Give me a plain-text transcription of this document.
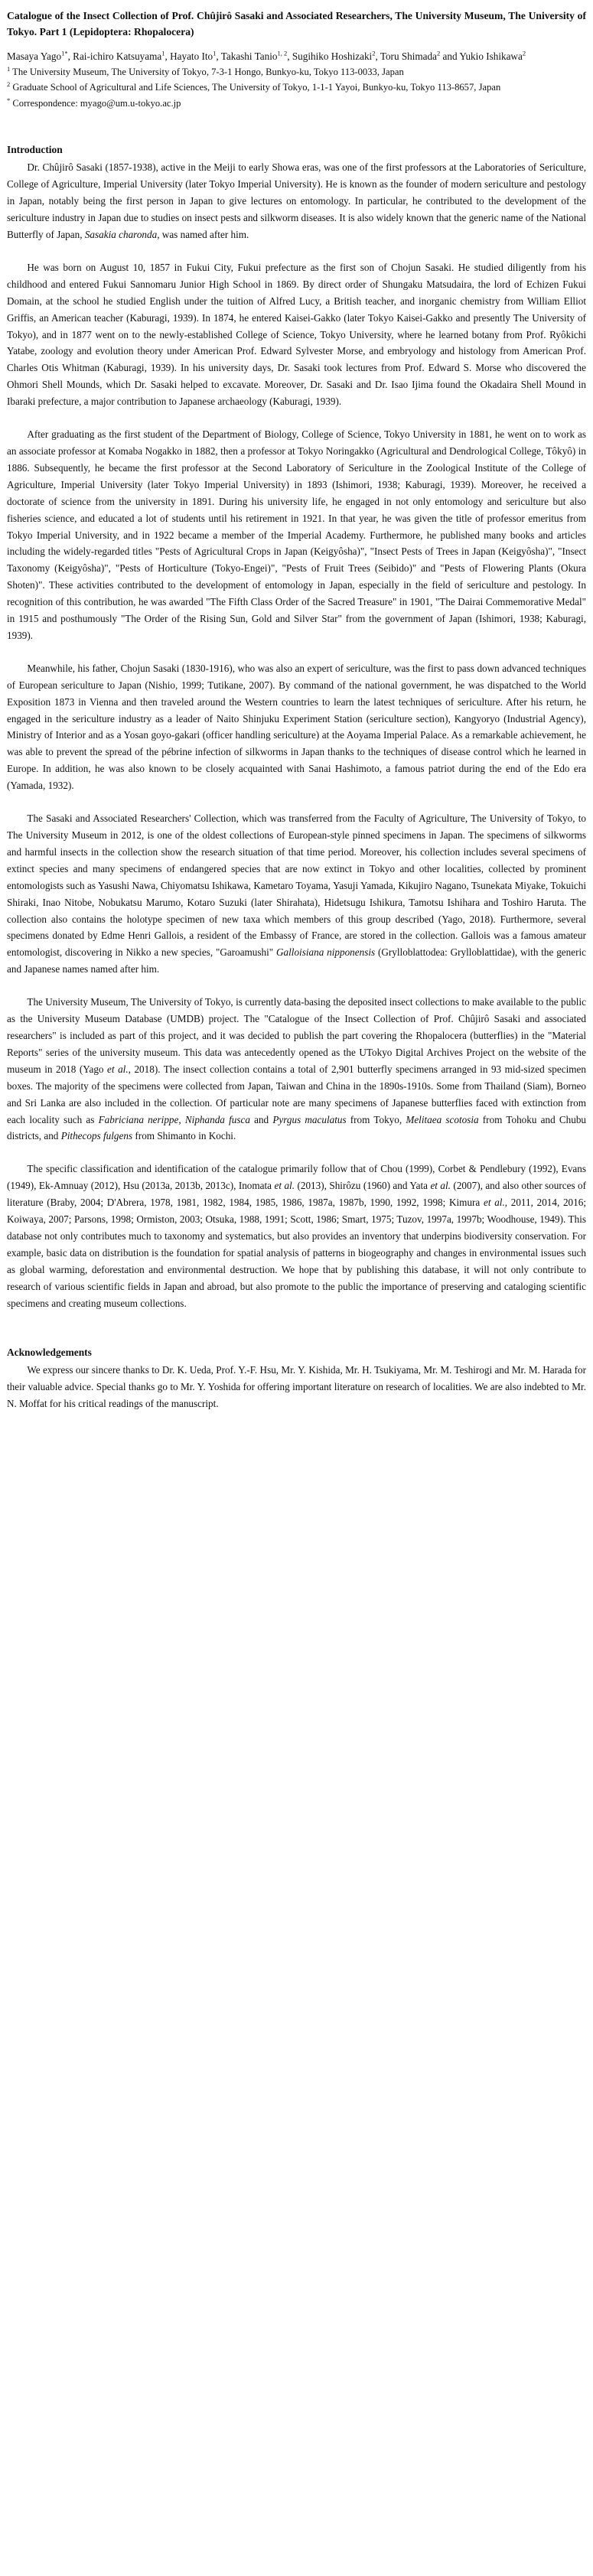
Catalogue of the Insect Collection of Prof. Chûjirô Sasaki and Associated Researchers, The University Museum, The University of Tokyo. Part 1 (Lepidoptera: Rhopalocera)
Masaya Yago$^{1*}$, Rai-ichiro Katsuyama$^1$, Hayato Ito$^1$, Takashi Tanio$^{1, 2}$, Sugihiko Hoshizaki$^2$, Toru Shimada$^2$ and Yukio Ishikawa$^2$
$^1$ The University Museum, The University of Tokyo, 7-3-1 Hongo, Bunkyo-ku, Tokyo 113-0033, Japan
$^2$ Graduate School of Agricultural and Life Sciences, The University of Tokyo, 1-1-1 Yayoi, Bunkyo-ku, Tokyo 113-8657, Japan
* Correspondence: myago@um.u-tokyo.ac.jp
Introduction

Dr. Chûjirô Sasaki (1857-1938), active in the Meiji to early Showa eras, was one of the first professors at the Laboratories of Sericulture, College of Agriculture, Imperial University (later Tokyo Imperial University). He is known as the founder of modern sericulture and pestology in Japan, notably being the first person in Japan to give lectures on entomology. In particular, he contributed to the development of the sericulture industry in Japan due to studies on insect pests and silkworm diseases. It is also widely known that the generic name of the National Butterfly of Japan, Sasakia charonda, was named after him.

He was born on August 10, 1857 in Fukui City, Fukui prefecture as the first son of Chojun Sasaki. He studied diligently from his childhood and entered Fukui Sannomaru Junior High School in 1869. By direct order of Shungaku Matsudaira, the lord of Echizen Fukui Domain, at the school he studied English under the tuition of Alfred Lucy, a British teacher, and inorganic chemistry from William Elliot Griffis, an American teacher (Kaburagi, 1939). In 1874, he entered Kaisei-Gakko (later Tokyo Kaisei-Gakko and presently The University of Tokyo), and in 1877 went on to the newly-established College of Science, Tokyo University, where he learned botany from Prof. Ryôkichi Yatabe, zoology and evolution theory under American Prof. Edward Sylvester Morse, and embryology and histology from American Prof. Charles Otis Whitman (Kaburagi, 1939). In his university days, Dr. Sasaki took lectures from Prof. Edward S. Morse who discovered the Ohmori Shell Mounds, which Dr. Sasaki helped to excavate. Moreover, Dr. Sasaki and Dr. Isao Ijima found the Okadaira Shell Mound in Ibaraki prefecture, a major contribution to Japanese archaeology (Kaburagi, 1939).

After graduating as the first student of the Department of Biology, College of Science, Tokyo University in 1881, he went on to work as an associate professor at Komaba Nogakko in 1882, then a professor at Tokyo Noringakko (Agricultural and Dendrological College, Tôkyô) in 1886. Subsequently, he became the first professor at the Second Laboratory of Sericulture in the Zoological Institute of the College of Agriculture, Imperial University (later Tokyo Imperial University) in 1893 (Ishimori, 1938; Kaburagi, 1939). Moreover, he received a doctorate of science from the university in 1891. During his university life, he engaged in not only entomology and sericulture but also fisheries science, and educated a lot of students until his retirement in 1921. In that year, he was given the title of professor emeritus from Tokyo Imperial University, and in 1922 became a member of the Imperial Academy. Furthermore, he published many books and articles including the widely-regarded titles "Pests of Agricultural Crops in Japan (Keigyôsha)", "Insect Pests of Trees in Japan (Keigyôsha)", "Insect Taxonomy (Keigyôsha)", "Pests of Horticulture (Tokyo-Engei)", "Pests of Fruit Trees (Seibido)" and "Pests of Flowering Plants (Okura Shoten)". These activities contributed to the development of entomology in Japan, especially in the field of sericulture and pestology. In recognition of this contribution, he was awarded "The Fifth Class Order of the Sacred Treasure" in 1901, "The Dairai Commemorative Medal" in 1915 and posthumously "The Order of the Rising Sun, Gold and Silver Star" from the government of Japan (Ishimori, 1938; Kaburagi, 1939).

Meanwhile, his father, Chojun Sasaki (1830-1916), who was also an expert of sericulture, was the first to pass down advanced techniques of European sericulture to Japan (Nishio, 1999; Tutikane, 2007). By command of the national government, he was dispatched to the World Exposition 1873 in Vienna and then traveled around the Western countries to learn the latest techniques of sericulture. After his return, he engaged in the sericulture industry as a leader of Naito Shinjuku Experiment Station (sericulture section), Kangyoryo (Industrial Agency), Ministry of Interior and as a Yosan goyo-gakari (officer handling sericulture) at the Aoyama Imperial Palace. As a remarkable achievement, he was able to prevent the spread of the pébrine infection of silkworms in Japan thanks to the techniques of disease control which he learned in Europe. In addition, he was also known to be closely acquainted with Sanai Hashimoto, a famous patriot during the end of the Edo era (Yamada, 1932).

The Sasaki and Associated Researchers' Collection, which was transferred from the Faculty of Agriculture, The University of Tokyo, to The University Museum in 2012, is one of the oldest collections of European-style pinned specimens in Japan. The specimens of silkworms and harmful insects in the collection show the research situation of that time period. Moreover, his collection includes several specimens of extinct species and many specimens of endangered species that are now extinct in Tokyo and other localities, collected by prominent entomologists such as Yasushi Nawa, Chiyomatsu Ishikawa, Kametaro Toyama, Yasuji Yamada, Kikujiro Nagano, Tsunekata Miyake, Tokuichi Shiraki, Inao Nitobe, Nobukatsu Marumo, Kotaro Suzuki (later Shirahata), Hidetsugu Ishikura, Tamotsu Ishihara and Toshiro Haruta. The collection also contains the holotype specimen of new taxa which members of this group described (Yago, 2018). Furthermore, several specimens donated by Edme Henri Gallois, a resident of the Embassy of France, are stored in the collection. Gallois was a famous amateur entomologist, discovering in Nikko a new species, "Garoamushi" Galloisiana nipponensis (Grylloblattodea: Grylloblattidae), with the generic and Japanese names named after him.

The University Museum, The University of Tokyo, is currently data-basing the deposited insect collections to make available to the public as the University Museum Database (UMDB) project. The "Catalogue of the Insect Collection of Prof. Chûjirô Sasaki and associated researchers" is included as part of this project, and it was decided to publish the part covering the Rhopalocera (butterflies) in the "Material Reports" series of the university museum. This data was antecedently opened as the UTokyo Digital Archives Project on the website of the museum in 2018 (Yago et al., 2018). The insect collection contains a total of 2,901 butterfly specimens arranged in 93 mid-sized specimen boxes. The majority of the specimens were collected from Japan, Taiwan and China in the 1890s-1910s. Some from Thailand (Siam), Borneo and Sri Lanka are also included in the collection. Of particular note are many specimens of Japanese butterflies faced with extinction from each locality such as Fabriciana nerippe, Niphanda fusca and Pyrgus maculatus from Tokyo, Melitaea scotosia from Tohoku and Chubu districts, and Pithecops fulgens from Shimanto in Kochi.

The specific classification and identification of the catalogue primarily follow that of Chou (1999), Corbet & Pendlebury (1992), Evans (1949), Ek-Amnuay (2012), Hsu (2013a, 2013b, 2013c), Inomata et al. (2013), Shirôzu (1960) and Yata et al. (2007), and also other sources of literature (Braby, 2004; D'Abrera, 1978, 1981, 1982, 1984, 1985, 1986, 1987a, 1987b, 1990, 1992, 1998; Kimura et al., 2011, 2014, 2016; Koiwaya, 2007; Parsons, 1998; Ormiston, 2003; Otsuka, 1988, 1991; Scott, 1986; Smart, 1975; Tuzov, 1997a, 1997b; Woodhouse, 1949). This database not only contributes much to taxonomy and systematics, but also provides an inventory that underpins biodiversity conservation. For example, basic data on distribution is the foundation for spatial analysis of patterns in biogeography and changes in environmental issues such as global warming, deforestation and environmental destruction. We hope that by publishing this database, it will not only contribute to research of various scientific fields in Japan and abroad, but also promote to the public the importance of preserving and cataloging scientific specimens and creating museum collections.

Acknowledgements

We express our sincere thanks to Dr. K. Ueda, Prof. Y.-F. Hsu, Mr. Y. Kishida, Mr. H. Tsukiyama, Mr. M. Teshirogi and Mr. M. Harada for their valuable advice. Special thanks go to Mr. Y. Yoshida for offering important literature on research of localities. We are also indebted to Mr. N. Moffat for his critical readings of the manuscript.
